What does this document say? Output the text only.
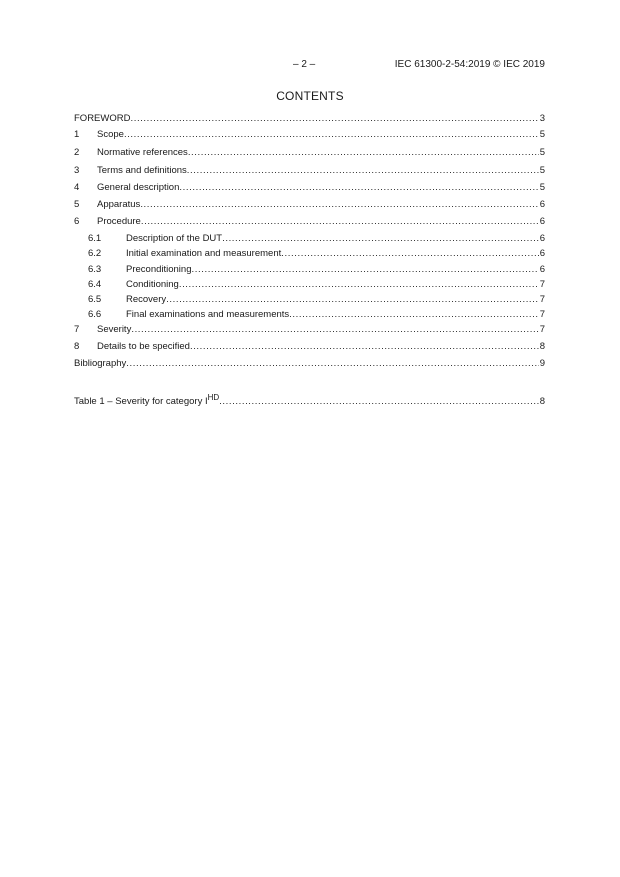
– 2 –	IEC 61300-2-54:2019 © IEC 2019
CONTENTS
FOREWORD .....	3
1	Scope .....	5
2	Normative references .....	5
3	Terms and definitions .....	5
4	General description .....	5
5	Apparatus .....	6
6	Procedure .....	6
6.1	Description of the DUT .....	6
6.2	Initial examination and measurement .....	6
6.3	Preconditioning .....	6
6.4	Conditioning .....	7
6.5	Recovery .....	7
6.6	Final examinations and measurements .....	7
7	Severity .....	7
8	Details to be specified .....	8
Bibliography .....	9
Table 1 – Severity for category $I^{HD}$ .....	8
